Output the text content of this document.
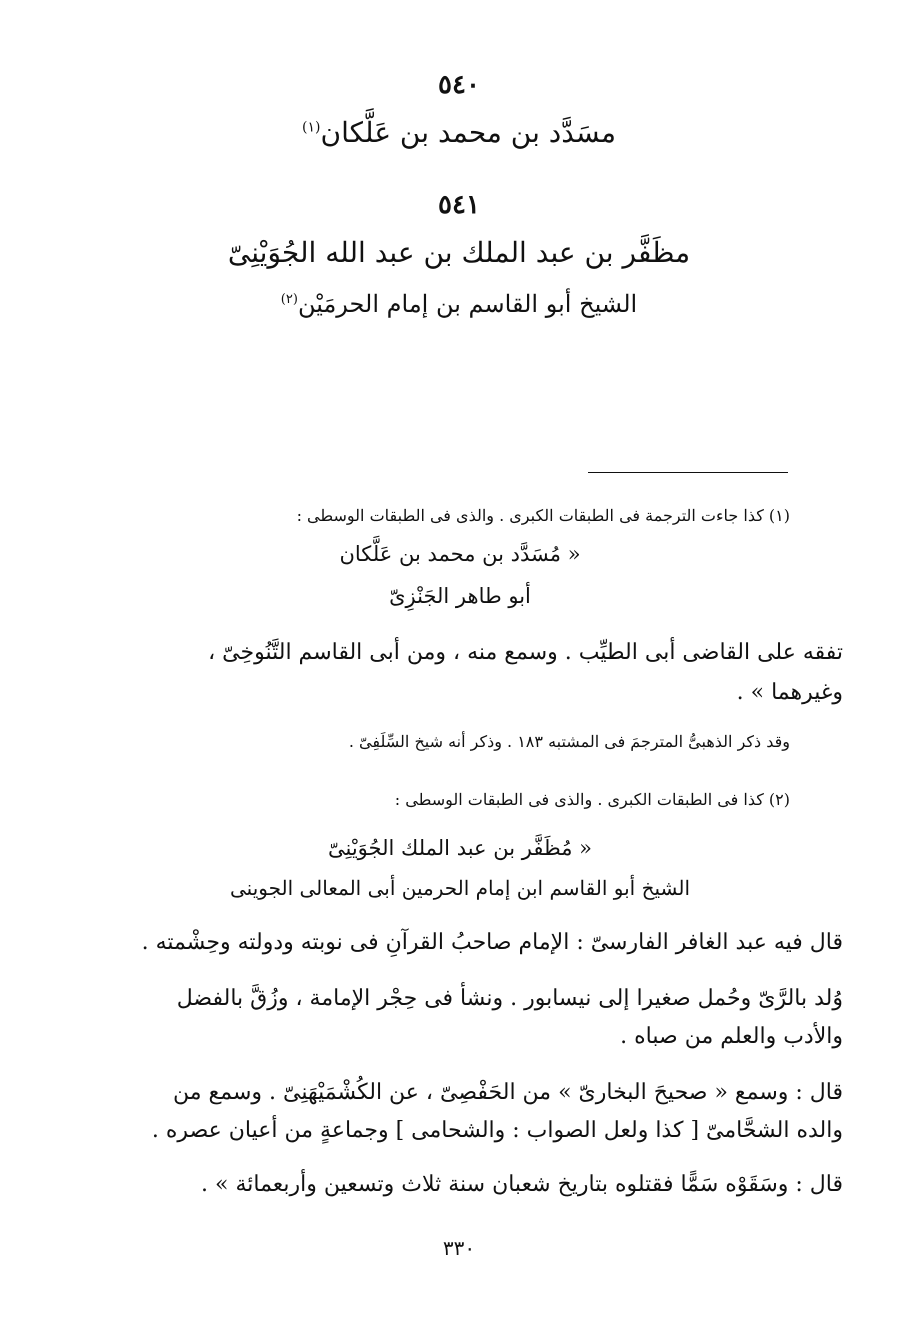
٥٤٠
مسَدَّد بن محمد بن عَلَّكان$^{(١)}$
٥٤١
مظَفَّر بن عبد الملك بن عبد الله الجُوَيْنِىّ
الشيخ أبو القاسم بن إمام الحرمَيْن$^{(٢)}$
(١) كذا جاءت الترجمة فى الطبقات الكبرى . والذى فى الطبقات الوسطى :
« مُسَدَّد بن محمد بن عَلَّكان
أبو طاهر الجَنْزِىّ
تفقه على القاضى أبى الطيِّب . وسمع منه ، ومن أبى القاسم التَّنُوخِىّ ،
وغيرهما » .
وقد ذكر الذهبىُّ المترجمَ فى المشتبه ١٨٣ . وذكر أنه شيخ السِّلَفِىّ .
(٢) كذا فى الطبقات الكبرى . والذى فى الطبقات الوسطى :
« مُظَفَّر بن عبد الملك الجُوَيْنِىّ
الشيخ أبو القاسم ابن إمام الحرمين أبى المعالى الجوينى
قال فيه عبد الغافر الفارسىّ : الإمام صاحبُ القرآنِ فى نوبته ودولته وحِشْمته .
وُلد بالرَّىّ وحُمل صغيرا إلى نيسابور . ونشأ فى حِجْر الإمامة ، وزُقَّ بالفضل
والأدب والعلم من صباه .
قال : وسمع « صحيحَ البخارىّ » من الحَفْصِىّ ، عن الكُشْمَيْهَنِىّ . وسمع من
والده الشحَّامىّ [ كذا ولعل الصواب : والشحامى ] وجماعةٍ من أعيان عصره .
قال : وسَقَوْه سَمًّا فقتلوه بتاريخ شعبان سنة ثلاث وتسعين وأربعمائة » .
٣٣٠
